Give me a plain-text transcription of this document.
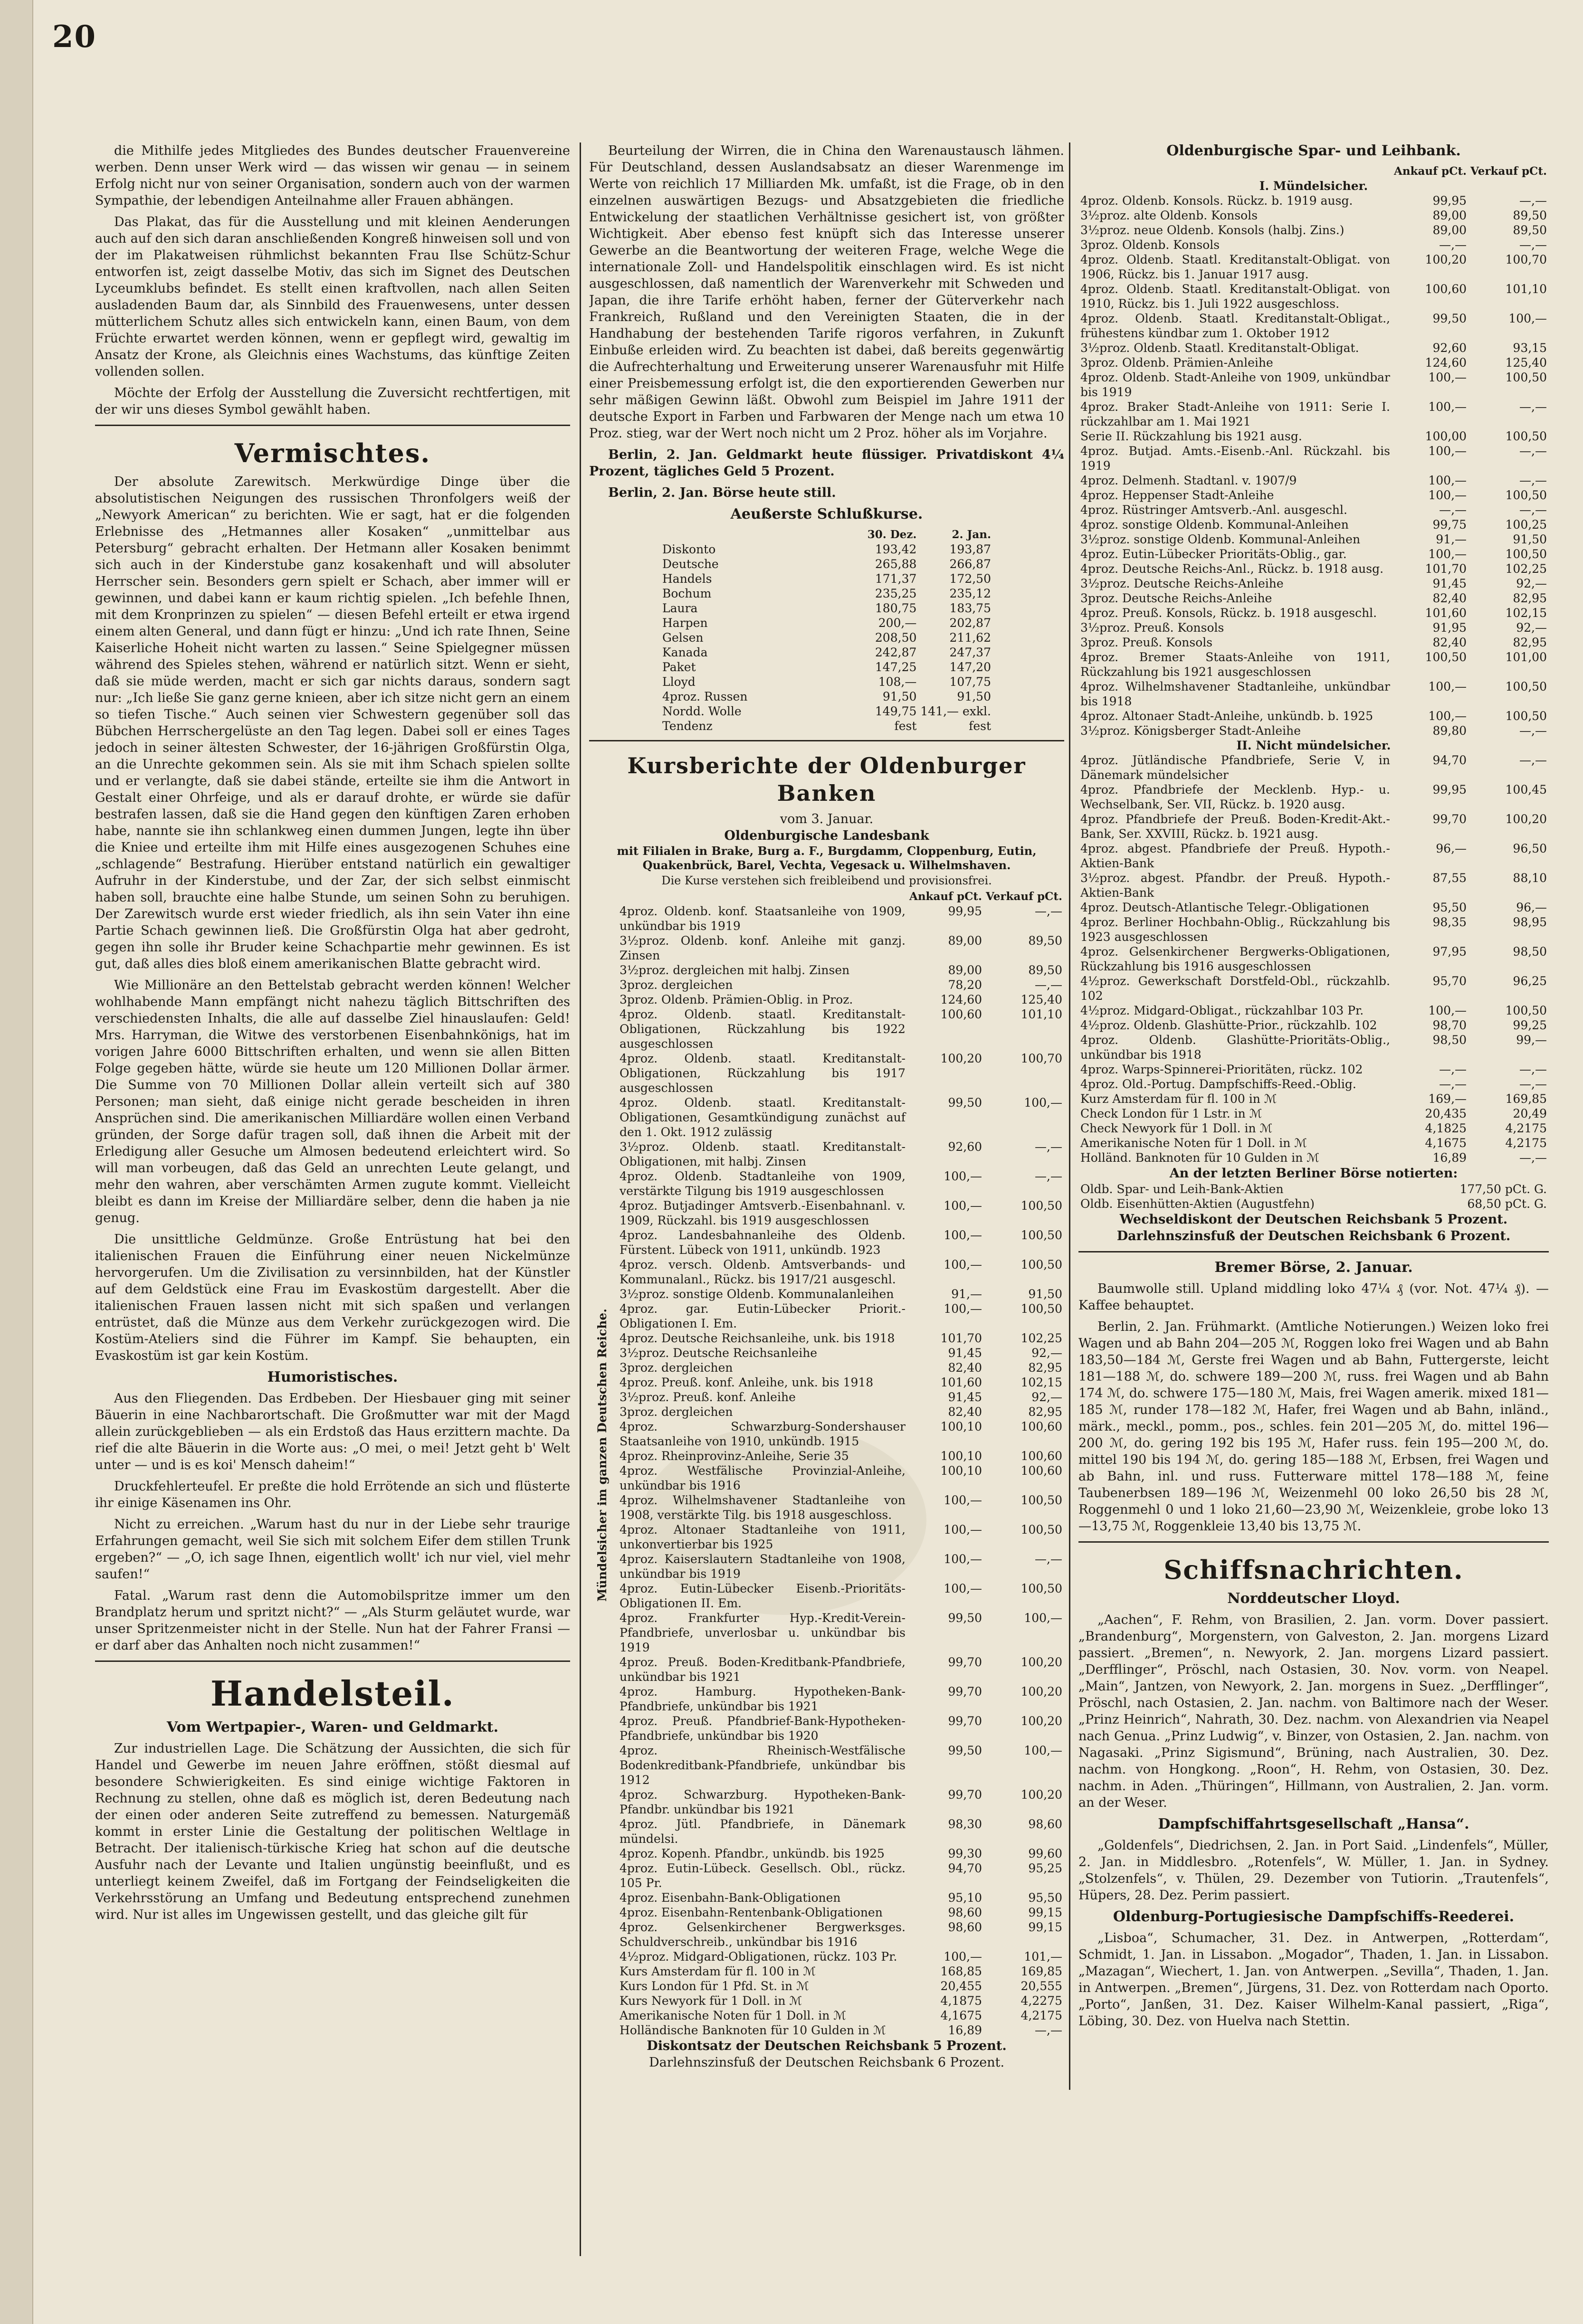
20

die Mithilfe jedes Mitgliedes des Bundes deutscher Frauenvereine werben. Denn unser Werk wird — das wissen wir genau — in seinem Erfolg nicht nur von seiner Organisation, sondern auch von der warmen Sympathie, der lebendigen Anteilnahme aller Frauen abhängen.

Das Plakat, das für die Ausstellung und mit kleinen Aenderungen auch auf den sich daran anschließenden Kongreß hinweisen soll und von der im Plakatweisen rühmlichst bekannten Frau Ilse Schütz-Schur entworfen ist, zeigt dasselbe Motiv, das sich im Signet des Deutschen Lyceumklubs befindet. Es stellt einen kraftvollen, nach allen Seiten ausladenden Baum dar, als Sinnbild des Frauenwesens, unter dessen mütterlichem Schutz alles sich entwickeln kann, einen Baum, von dem Früchte erwartet werden können, wenn er gepflegt wird, gewaltig im Ansatz der Krone, als Gleichnis eines Wachstums, das künftige Zeiten vollenden sollen.

Möchte der Erfolg der Ausstellung die Zuversicht rechtfertigen, mit der wir uns dieses Symbol gewählt haben.

Vermischtes.

Der absolute Zarewitsch. Merkwürdige Dinge über die absolutistischen Neigungen des russischen Thronfolgers weiß der „Newyork American“ zu berichten. Wie er sagt, hat er die folgenden Erlebnisse des „Hetmannes aller Kosaken“ „unmittelbar aus Petersburg“ gebracht erhalten. Der Hetmann aller Kosaken benimmt sich auch in der Kinderstube ganz kosakenhaft und will absoluter Herrscher sein. Besonders gern spielt er Schach, aber immer will er gewinnen, und dabei kann er kaum richtig spielen. „Ich befehle Ihnen, mit dem Kronprinzen zu spielen“ — diesen Befehl erteilt er etwa irgend einem alten General, und dann fügt er hinzu: „Und ich rate Ihnen, Seine Kaiserliche Hoheit nicht warten zu lassen.“ Seine Spielgegner müssen während des Spieles stehen, während er natürlich sitzt. Wenn er sieht, daß sie müde werden, macht er sich gar nichts daraus, sondern sagt nur: „Ich ließe Sie ganz gerne knieen, aber ich sitze nicht gern an einem so tiefen Tische.“ Auch seinen vier Schwestern gegenüber soll das Bübchen Herrschergelüste an den Tag legen. Dabei soll er eines Tages jedoch in seiner ältesten Schwester, der 16-jährigen Großfürstin Olga, an die Unrechte gekommen sein. Als sie mit ihm Schach spielen sollte und er verlangte, daß sie dabei stände, erteilte sie ihm die Antwort in Gestalt einer Ohrfeige, und als er darauf drohte, er würde sie dafür bestrafen lassen, daß sie die Hand gegen den künftigen Zaren erhoben habe, nannte sie ihn schlankweg einen dummen Jungen, legte ihn über die Kniee und erteilte ihm mit Hilfe eines ausgezogenen Schuhes eine „schlagende“ Bestrafung. Hierüber entstand natürlich ein gewaltiger Aufruhr in der Kinderstube, und der Zar, der sich selbst einmischt haben soll, brauchte eine halbe Stunde, um seinen Sohn zu beruhigen. Der Zarewitsch wurde erst wieder friedlich, als ihn sein Vater ihn eine Partie Schach gewinnen ließ. Die Großfürstin Olga hat aber gedroht, gegen ihn solle ihr Bruder keine Schachpartie mehr gewinnen. Es ist gut, daß alles dies bloß einem amerikanischen Blatte gebracht wird.

Wie Millionäre an den Bettelstab gebracht werden können! Welcher wohlhabende Mann empfängt nicht nahezu täglich Bittschriften des verschiedensten Inhalts, die alle auf dasselbe Ziel hinauslaufen: Geld! Mrs. Harryman, die Witwe des verstorbenen Eisenbahnkönigs, hat im vorigen Jahre 6000 Bittschriften erhalten, und wenn sie allen Bitten Folge gegeben hätte, würde sie heute um 120 Millionen Dollar ärmer. Die Summe von 70 Millionen Dollar allein verteilt sich auf 380 Personen; man sieht, daß einige nicht gerade bescheiden in ihren Ansprüchen sind. Die amerikanischen Milliardäre wollen einen Verband gründen, der Sorge dafür tragen soll, daß ihnen die Arbeit mit der Erledigung aller Gesuche um Almosen bedeutend erleichtert wird. So will man vorbeugen, daß das Geld an unrechten Leute gelangt, und mehr den wahren, aber verschämten Armen zugute kommt. Vielleicht bleibt es dann im Kreise der Milliardäre selber, denn die haben ja nie genug.

Die unsittliche Geldmünze. Große Entrüstung hat bei den italienischen Frauen die Einführung einer neuen Nickelmünze hervorgerufen. Um die Zivilisation zu versinnbilden, hat der Künstler auf dem Geldstück eine Frau im Evaskostüm dargestellt. Aber die italienischen Frauen lassen nicht mit sich spaßen und verlangen entrüstet, daß die Münze aus dem Verkehr zurückgezogen wird. Die Kostüm-Ateliers sind die Führer im Kampf. Sie behaupten, ein Evaskostüm ist gar kein Kostüm.

Humoristisches.

Aus den Fliegenden. Das Erdbeben. Der Hiesbauer ging mit seiner Bäuerin in eine Nachbarortschaft. Die Großmutter war mit der Magd allein zurückgeblieben — als ein Erdstoß das Haus erzittern machte. Da rief die alte Bäuerin in die Worte aus: „O mei, o mei! Jetzt geht b' Welt unter — und is es koi' Mensch daheim!“

Druckfehlerteufel. Er preßte die hold Errötende an sich und flüsterte ihr einige Käsenamen ins Ohr.

Nicht zu erreichen. „Warum hast du nur in der Liebe sehr traurige Erfahrungen gemacht, weil Sie sich mit solchem Eifer dem stillen Trunk ergeben?“ — „O, ich sage Ihnen, eigentlich wollt' ich nur viel, viel mehr saufen!“

Fatal. „Warum rast denn die Automobilspritze immer um den Brandplatz herum und spritzt nicht?“ — „Als Sturm geläutet wurde, war unser Spritzenmeister nicht in der Stelle. Nun hat der Fahrer Fransi — er darf aber das Anhalten noch nicht zusammen!“

Handelsteil.
Vom Wertpapier-, Waren- und Geldmarkt.

Zur industriellen Lage. Die Schätzung der Aussichten, die sich für Handel und Gewerbe im neuen Jahre eröffnen, stößt diesmal auf besondere Schwierigkeiten. Es sind einige wichtige Faktoren in Rechnung zu stellen, ohne daß es möglich ist, deren Bedeutung nach der einen oder anderen Seite zutreffend zu bemessen. Naturgemäß kommt in erster Linie die Gestaltung der politischen Weltlage in Betracht. Der italienisch-türkische Krieg hat schon auf die deutsche Ausfuhr nach der Levante und Italien ungünstig beeinflußt, und es unterliegt keinem Zweifel, daß im Fortgang der Feindseligkeiten die Verkehrsstörung an Umfang und Bedeutung entsprechend zunehmen wird. Nur ist alles im Ungewissen gestellt, und das gleiche gilt für

Beurteilung der Wirren, die in China den Warenaustausch lähmen. Für Deutschland, dessen Auslandsabsatz an dieser Warenmenge im Werte von reichlich 17 Milliarden Mk. umfaßt, ist die Frage, ob in den einzelnen auswärtigen Bezugs- und Absatzgebieten die friedliche Entwickelung der staatlichen Verhältnisse gesichert ist, von größter Wichtigkeit. Aber ebenso fest knüpft sich das Interesse unserer Gewerbe an die Beantwortung der weiteren Frage, welche Wege die internationale Zoll- und Handelspolitik einschlagen wird. Es ist nicht ausgeschlossen, daß namentlich der Warenverkehr mit Schweden und Japan, die ihre Tarife erhöht haben, ferner der Güterverkehr nach Frankreich, Rußland und den Vereinigten Staaten, die in der Handhabung der bestehenden Tarife rigoros verfahren, in Zukunft Einbuße erleiden wird. Zu beachten ist dabei, daß bereits gegenwärtig die Aufrechterhaltung und Erweiterung unserer Warenausfuhr mit Hilfe einer Preisbemessung erfolgt ist, die den exportierenden Gewerben nur sehr mäßigen Gewinn läßt. Obwohl zum Beispiel im Jahre 1911 der deutsche Export in Farben und Farbwaren der Menge nach um etwa 10 Proz. stieg, war der Wert noch nicht um 2 Proz. höher als im Vorjahre.

Berlin, 2. Jan. Geldmarkt heute flüssiger. Privatdiskont 4¼ Prozent, tägliches Geld 5 Prozent.

Berlin, 2. Jan. Börse heute still.

Aeußerste Schlußkurse.
	30. Dez.	2. Jan.
Diskonto	193,42	193,87
Deutsche	265,88	266,87
Handels	171,37	172,50
Bochum	235,25	235,12
Laura	180,75	183,75
Harpen	200,—	202,87
Gelsen	208,50	211,62
Kanada	242,87	247,37
Paket	147,25	147,20
Lloyd	108,—	107,75
4proz. Russen	91,50	91,50
Nordd. Wolle	149,75	141,— exkl.
Tendenz	fest	fest
Kursberichte der Oldenburger Banken
vom 3. Januar.
Oldenburgische Landesbank
mit Filialen in Brake, Burg a. F., Burgdamm, Cloppenburg, Eutin, Quakenbrück, Barel, Vechta, Vegesack u. Wilhelmshaven.
Die Kurse verstehen sich freibleibend und provisionsfrei.
Mündelsicher im ganzen Deutschen Reiche.
	Ankauf pCt.	Verkauf pCt.
4proz. Oldenb. konf. Staatsanleihe von 1909, unkündbar bis 1919	99,95	—,—
3½proz. Oldenb. konf. Anleihe mit ganzj. Zinsen	89,00	89,50
3½proz. dergleichen mit halbj. Zinsen	89,00	89,50
3proz. dergleichen	78,20	—,—
3proz. Oldenb. Prämien-Oblig. in Proz.	124,60	125,40
4proz. Oldenb. staatl. Kreditanstalt-Obligationen, Rückzahlung bis 1922 ausgeschlossen	100,60	101,10
4proz. Oldenb. staatl. Kreditanstalt-Obligationen, Rückzahlung bis 1917 ausgeschlossen	100,20	100,70
4proz. Oldenb. staatl. Kreditanstalt-Obligationen, Gesamtkündigung zunächst auf den 1. Okt. 1912 zulässig	99,50	100,—
3½proz. Oldenb. staatl. Kreditanstalt-Obligationen, mit halbj. Zinsen	92,60	—,—
4proz. Oldenb. Stadtanleihe von 1909, verstärkte Tilgung bis 1919 ausgeschlossen	100,—	—,—
4proz. Butjadinger Amtsverb.-Eisenbahnanl. v. 1909, Rückzahl. bis 1919 ausgeschlossen	100,—	100,50
4proz. Landesbahnanleihe des Oldenb. Fürstent. Lübeck von 1911, unkündb. 1923	100,—	100,50
4proz. versch. Oldenb. Amtsverbands- und Kommunalanl., Rückz. bis 1917/21 ausgeschl.	100,—	100,50
3½proz. sonstige Oldenb. Kommunalanleihen	91,—	91,50
4proz. gar. Eutin-Lübecker Priorit.-Obligationen I. Em.	100,—	100,50
4proz. Deutsche Reichsanleihe, unk. bis 1918	101,70	102,25
3½proz. Deutsche Reichsanleihe	91,45	92,—
3proz. dergleichen	82,40	82,95
4proz. Preuß. konf. Anleihe, unk. bis 1918	101,60	102,15
3½proz. Preuß. konf. Anleihe	91,45	92,—
3proz. dergleichen	82,40	82,95
4proz. Schwarzburg-Sondershauser Staatsanleihe von 1910, unkündb. 1915	100,10	100,60
4proz. Rheinprovinz-Anleihe, Serie 35	100,10	100,60
4proz. Westfälische Provinzial-Anleihe, unkündbar bis 1916	100,10	100,60
4proz. Wilhelmshavener Stadtanleihe von 1908, verstärkte Tilg. bis 1918 ausgeschloss.	100,—	100,50
4proz. Altonaer Stadtanleihe von 1911, unkonvertierbar bis 1925	100,—	100,50
4proz. Kaiserslautern Stadtanleihe von 1908, unkündbar bis 1919	100,—	—,—
4proz. Eutin-Lübecker Eisenb.-Prioritäts-Obligationen II. Em.	100,—	100,50
4proz. Frankfurter Hyp.-Kredit-Verein-Pfandbriefe, unverlosbar u. unkündbar bis 1919	99,50	100,—
4proz. Preuß. Boden-Kreditbank-Pfandbriefe, unkündbar bis 1921	99,70	100,20
4proz. Hamburg. Hypotheken-Bank-Pfandbriefe, unkündbar bis 1921	99,70	100,20
4proz. Preuß. Pfandbrief-Bank-Hypotheken-Pfandbriefe, unkündbar bis 1920	99,70	100,20
4proz. Rheinisch-Westfälische Bodenkreditbank-Pfandbriefe, unkündbar bis 1912	99,50	100,—
4proz. Schwarzburg. Hypotheken-Bank-Pfandbr. unkündbar bis 1921	99,70	100,20
4proz. Jütl. Pfandbriefe, in Dänemark mündelsi.	98,30	98,60
4proz. Kopenh. Pfandbr., unkündb. bis 1925	99,30	99,60
4proz. Eutin-Lübeck. Gesellsch. Obl., rückz. 105 Pr.	94,70	95,25
4proz. Eisenbahn-Bank-Obligationen	95,10	95,50
4proz. Eisenbahn-Rentenbank-Obligationen	98,60	99,15
4proz. Gelsenkirchener Bergwerksges. Schuldverschreib., unkündbar bis 1916	98,60	99,15
4½proz. Midgard-Obligationen, rückz. 103 Pr.	100,—	101,—
Kurs Amsterdam für fl. 100 in ℳ	168,85	169,85
Kurs London für 1 Pfd. St. in ℳ	20,455	20,555
Kurs Newyork für 1 Doll. in ℳ	4,1875	4,2275
Amerikanische Noten für 1 Doll. in ℳ	4,1675	4,2175
Holländische Banknoten für 10 Gulden in ℳ	16,89	—,—
Diskontsatz der Deutschen Reichsbank 5 Prozent.
Darlehnszinsfuß der Deutschen Reichsbank 6 Prozent.
Oldenburgische Spar- und Leihbank.
	Ankauf pCt.	Verkauf pCt.
I. Mündelsicher.		
4proz. Oldenb. Konsols. Rückz. b. 1919 ausg.	99,95	—,—
3½proz. alte Oldenb. Konsols	89,00	89,50
3½proz. neue Oldenb. Konsols (halbj. Zins.)	89,00	89,50
3proz. Oldenb. Konsols	—,—	—,—
4proz. Oldenb. Staatl. Kreditanstalt-Obligat. von 1906, Rückz. bis 1. Januar 1917 ausg.	100,20	100,70
4proz. Oldenb. Staatl. Kreditanstalt-Obligat. von 1910, Rückz. bis 1. Juli 1922 ausgeschloss.	100,60	101,10
4proz. Oldenb. Staatl. Kreditanstalt-Obligat., frühestens kündbar zum 1. Oktober 1912	99,50	100,—
3½proz. Oldenb. Staatl. Kreditanstalt-Obligat.	92,60	93,15
3proz. Oldenb. Prämien-Anleihe	124,60	125,40
4proz. Oldenb. Stadt-Anleihe von 1909, unkündbar bis 1919	100,—	100,50
4proz. Braker Stadt-Anleihe von 1911: Serie I. rückzahlbar am 1. Mai 1921	100,—	—,—
Serie II. Rückzahlung bis 1921 ausg.	100,00	100,50
4proz. Butjad. Amts.-Eisenb.-Anl. Rückzahl. bis 1919	100,—	—,—
4proz. Delmenh. Stadtanl. v. 1907/9	100,—	—,—
4proz. Heppenser Stadt-Anleihe	100,—	100,50
4proz. Rüstringer Amtsverb.-Anl. ausgeschl.	—,—	—,—
4proz. sonstige Oldenb. Kommunal-Anleihen	99,75	100,25
3½proz. sonstige Oldenb. Kommunal-Anleihen	91,—	91,50
4proz. Eutin-Lübecker Prioritäts-Oblig., gar.	100,—	100,50
4proz. Deutsche Reichs-Anl., Rückz. b. 1918 ausg.	101,70	102,25
3½proz. Deutsche Reichs-Anleihe	91,45	92,—
3proz. Deutsche Reichs-Anleihe	82,40	82,95
4proz. Preuß. Konsols, Rückz. b. 1918 ausgeschl.	101,60	102,15
3½proz. Preuß. Konsols	91,95	92,—
3proz. Preuß. Konsols	82,40	82,95
4proz. Bremer Staats-Anleihe von 1911, Rückzahlung bis 1921 ausgeschlossen	100,50	101,00
4proz. Wilhelmshavener Stadtanleihe, unkündbar bis 1918	100,—	100,50
4proz. Altonaer Stadt-Anleihe, unkündb. b. 1925	100,—	100,50
3½proz. Königsberger Stadt-Anleihe	89,80	—,—
II. Nicht mündelsicher.		
4proz. Jütländische Pfandbriefe, Serie V, in Dänemark mündelsicher	94,70	—,—
4proz. Pfandbriefe der Mecklenb. Hyp.- u. Wechselbank, Ser. VII, Rückz. b. 1920 ausg.	99,95	100,45
4proz. Pfandbriefe der Preuß. Boden-Kredit-Akt.-Bank, Ser. XXVIII, Rückz. b. 1921 ausg.	99,70	100,20
4proz. abgest. Pfandbriefe der Preuß. Hypoth.-Aktien-Bank	96,—	96,50
3½proz. abgest. Pfandbr. der Preuß. Hypoth.-Aktien-Bank	87,55	88,10
4proz. Deutsch-Atlantische Telegr.-Obligationen	95,50	96,—
4proz. Berliner Hochbahn-Oblig., Rückzahlung bis 1923 ausgeschlossen	98,35	98,95
4proz. Gelsenkirchener Bergwerks-Obligationen, Rückzahlung bis 1916 ausgeschlossen	97,95	98,50
4½proz. Gewerkschaft Dorstfeld-Obl., rückzahlb. 102	95,70	96,25
4½proz. Midgard-Obligat., rückzahlbar 103 Pr.	100,—	100,50
4½proz. Oldenb. Glashütte-Prior., rückzahlb. 102	98,70	99,25
4proz. Oldenb. Glashütte-Prioritäts-Oblig., unkündbar bis 1918	98,50	99,—
4proz. Warps-Spinnerei-Prioritäten, rückz. 102	—,—	—,—
4proz. Old.-Portug. Dampfschiffs-Reed.-Oblig.	—,—	—,—
Kurz Amsterdam für fl. 100 in ℳ	169,—	169,85
Check London für 1 Lstr. in ℳ	20,435	20,49
Check Newyork für 1 Doll. in ℳ	4,1825	4,2175
Amerikanische Noten für 1 Doll. in ℳ	4,1675	4,2175
Holländ. Banknoten für 10 Gulden in ℳ	16,89	—,—
An der letzten Berliner Börse notierten:
Oldb. Spar- und Leih-Bank-Aktien	177,50 pCt. G.
Oldb. Eisenhütten-Aktien (Augustfehn)	68,50 pCt. G.
Wechseldiskont der Deutschen Reichsbank 5 Prozent.
Darlehnszinsfuß der Deutschen Reichsbank 6 Prozent.
Bremer Börse, 2. Januar.

Baumwolle still. Upland middling loko 47¼ ₰ (vor. Not. 47¼ ₰). — Kaffee behauptet.

Berlin, 2. Jan. Frühmarkt. (Amtliche Notierungen.) Weizen loko frei Wagen und ab Bahn 204—205 ℳ, Roggen loko frei Wagen und ab Bahn 183,50—184 ℳ, Gerste frei Wagen und ab Bahn, Futtergerste, leicht 181—188 ℳ, do. schwere 189—200 ℳ, russ. frei Wagen und ab Bahn 174 ℳ, do. schwere 175—180 ℳ, Mais, frei Wagen amerik. mixed 181—185 ℳ, runder 178—182 ℳ, Hafer, frei Wagen und ab Bahn, inländ., märk., meckl., pomm., pos., schles. fein 201—205 ℳ, do. mittel 196—200 ℳ, do. gering 192 bis 195 ℳ, Hafer russ. fein 195—200 ℳ, do. mittel 190 bis 194 ℳ, do. gering 185—188 ℳ, Erbsen, frei Wagen und ab Bahn, inl. und russ. Futterware mittel 178—188 ℳ, feine Taubenerbsen 189—196 ℳ, Weizenmehl 00 loko 26,50 bis 28 ℳ, Roggenmehl 0 und 1 loko 21,60—23,90 ℳ, Weizenkleie, grobe loko 13—13,75 ℳ, Roggenkleie 13,40 bis 13,75 ℳ.

Schiffsnachrichten.
Norddeutscher Lloyd.

„Aachen“, F. Rehm, von Brasilien, 2. Jan. vorm. Dover passiert. „Brandenburg“, Morgenstern, von Galveston, 2. Jan. morgens Lizard passiert. „Bremen“, n. Newyork, 2. Jan. morgens Lizard passiert. „Derfflinger“, Pröschl, nach Ostasien, 30. Nov. vorm. von Neapel. „Main“, Jantzen, von Newyork, 2. Jan. morgens in Suez. „Derfflinger“, Pröschl, nach Ostasien, 2. Jan. nachm. von Baltimore nach der Weser. „Prinz Heinrich“, Nahrath, 30. Dez. nachm. von Alexandrien via Neapel nach Genua. „Prinz Ludwig“, v. Binzer, von Ostasien, 2. Jan. nachm. von Nagasaki. „Prinz Sigismund“, Brüning, nach Australien, 30. Dez. nachm. von Hongkong. „Roon“, H. Rehm, von Ostasien, 30. Dez. nachm. in Aden. „Thüringen“, Hillmann, von Australien, 2. Jan. vorm. an der Weser.

Dampfschiffahrtsgesellschaft „Hansa“.

„Goldenfels“, Diedrichsen, 2. Jan. in Port Said. „Lindenfels“, Müller, 2. Jan. in Middlesbro. „Rotenfels“, W. Müller, 1. Jan. in Sydney. „Stolzenfels“, v. Thülen, 29. Dezember von Tutiorin. „Trautenfels“, Hüpers, 28. Dez. Perim passiert.

Oldenburg-Portugiesische Dampfschiffs-Reederei.

„Lisboa“, Schumacher, 31. Dez. in Antwerpen, „Rotterdam“, Schmidt, 1. Jan. in Lissabon. „Mogador“, Thaden, 1. Jan. in Lissabon. „Mazagan“, Wiechert, 1. Jan. von Antwerpen. „Sevilla“, Thaden, 1. Jan. in Antwerpen. „Bremen“, Jürgens, 31. Dez. von Rotterdam nach Oporto. „Porto“, Janßen, 31. Dez. Kaiser Wilhelm-Kanal passiert, „Riga“, Löbing, 30. Dez. von Huelva nach Stettin.
